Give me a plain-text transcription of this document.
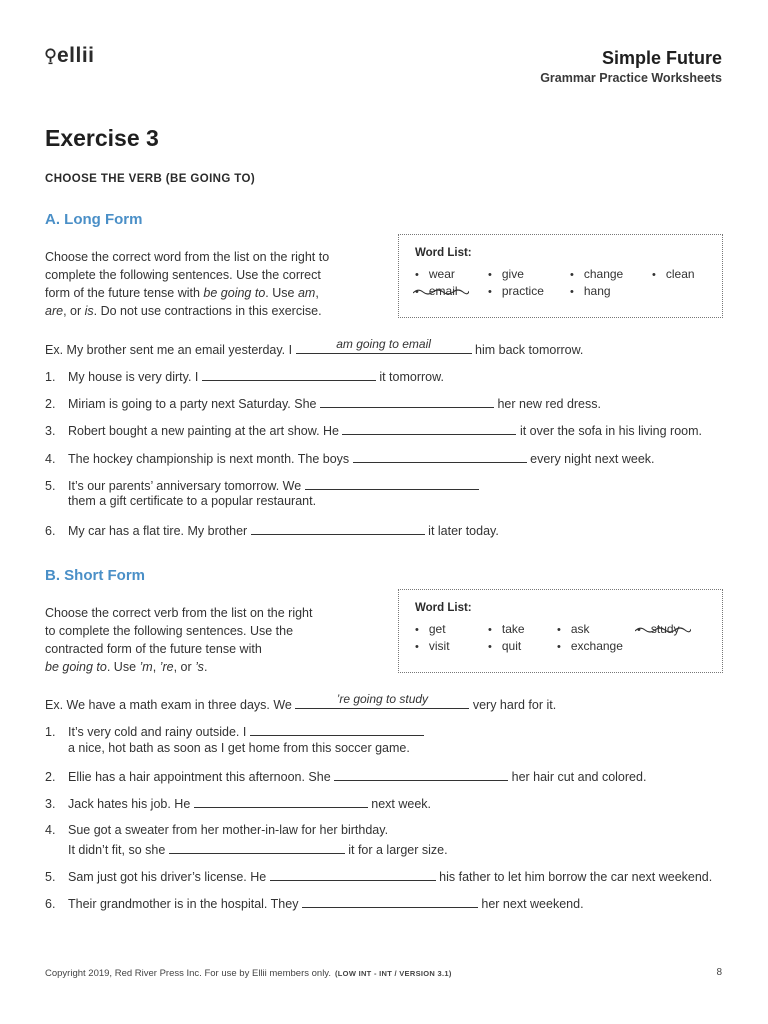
ellii	Simple Future
Grammar Practice Worksheets
Exercise 3
CHOOSE THE VERB (BE GOING TO)
A. Long Form
Choose the correct word from the list on the right to
complete the following sentences. Use the correct
form of the future tense with be going to. Use am,
are, or is. Do not use contractions in this exercise.
Word List:
• wear	• give	• change	• clean
• email	• practice	• hang
Ex. My brother sent me an email yesterday. I	am going to email	him back tomorrow.
1. My house is very dirty. I	it tomorrow.
2. Miriam is going to a party next Saturday. She	her new red dress.
3. Robert bought a new painting at the art show. He	it over the sofa in his living room.
4. The hockey championship is next month. The boys	every night next week.
5. It’s our parents’ anniversary tomorrow. We
them a gift certificate to a popular restaurant.
6. My car has a flat tire. My brother	it later today.
B. Short Form
Choose the correct verb from the list on the right
to complete the following sentences. Use the
contracted form of the future tense with
be going to. Use ’m, ’re, or ’s.
Word List:
• get	• take	• ask	• study
• visit	• quit	• exchange
Ex. We have a math exam in three days. We	’re going to study	very hard for it.
1. It’s very cold and rainy outside. I
a nice, hot bath as soon as I get home from this soccer game.
2. Ellie has a hair appointment this afternoon. She	her hair cut and colored.
3. Jack hates his job. He	next week.
4. Sue got a sweater from her mother-in-law for her birthday.
It didn’t fit, so she	it for a larger size.
5. Sam just got his driver’s license. He	his father to let him borrow the car next weekend.
6. Their grandmother is in the hospital. They	her next weekend.
Copyright 2019, Red River Press Inc. For use by Ellii members only. (LOW INT - INT / VERSION 3.1)	8
